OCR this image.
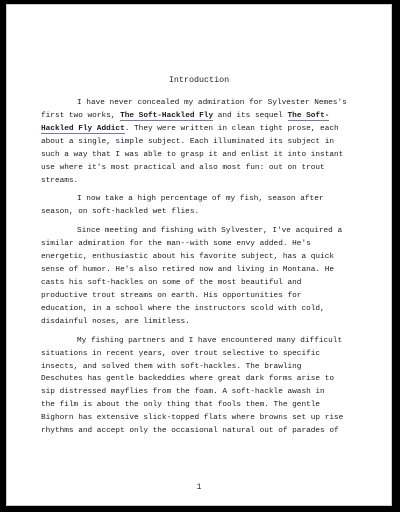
Introduction
I have never concealed my admiration for Sylvester Nemes's
first two works, The Soft-Hackled Fly and its sequel The Soft-
Hackled Fly Addict. They were written in clean tight prose, each
about a single, simple subject. Each illuminated its subject in
such a way that I was able to grasp it and enlist it into instant
use where it's most practical and also most fun: out on trout
streams.
I now take a high percentage of my fish, season after
season, on soft-hackled wet flies.
Since meeting and fishing with Sylvester, I've acquired a
similar admiration for the man--with some envy added. He's
energetic, enthusiastic about his favorite subject, has a quick
sense of humor. He's also retired now and living in Montana. He
casts his soft-hackles on some of the most beautiful and
productive trout streams on earth. His opportunities for
education, in a school where the instructors scold with cold,
disdainful noses, are limitless.
My fishing partners and I have encountered many difficult
situations in recent years, over trout selective to specific
insects, and solved them with soft-hackles. The brawling
Deschutes has gentle backeddies where great dark forms arise to
sip distressed mayflies from the foam. A soft-hackle awash in
the film is about the only thing that fools them. The gentle
Bighorn has extensive slick-topped flats where browns set up rise
rhythms and accept only the occasional natural out of parades of
1
